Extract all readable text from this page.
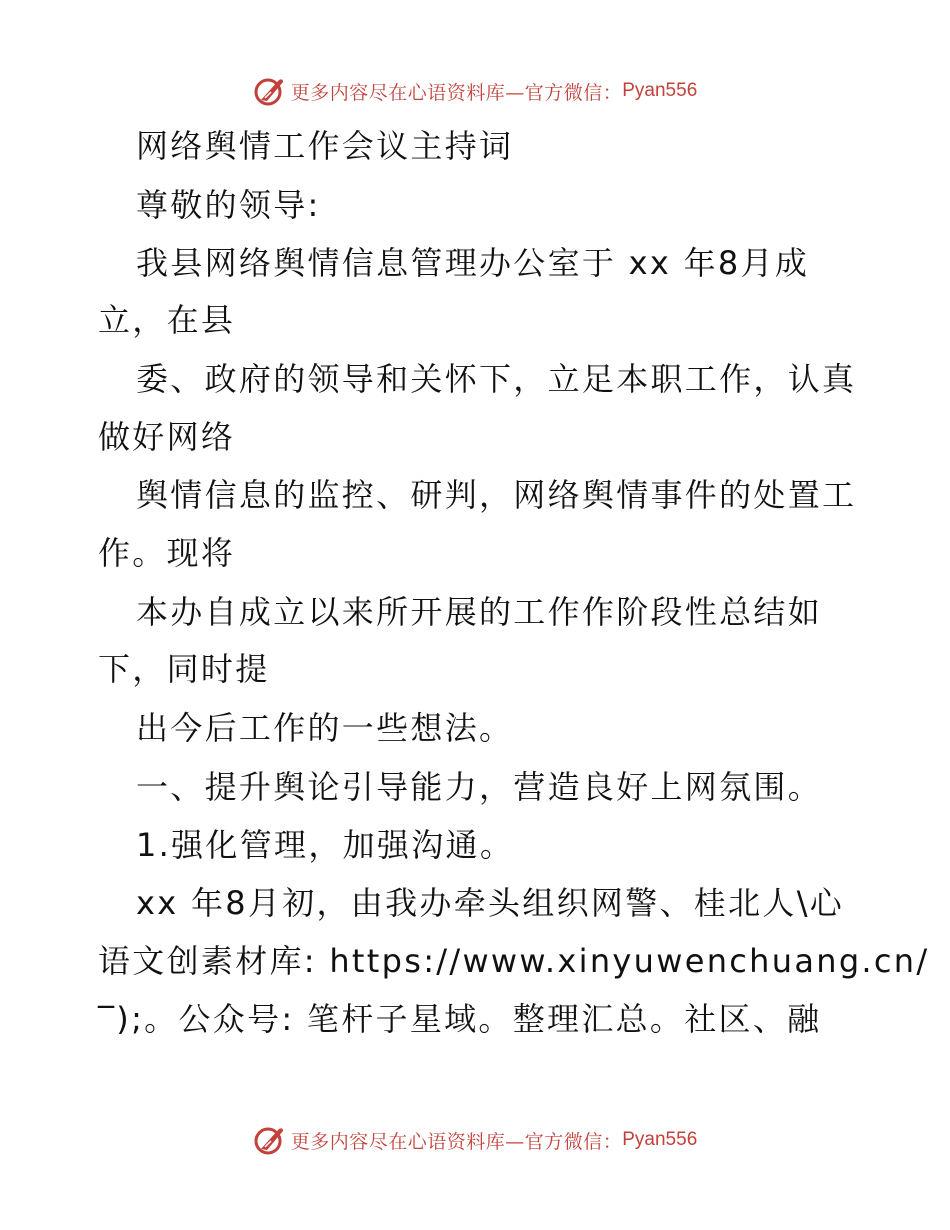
更多内容尽在心语资料库—官方微信： Pyan556
网络舆情工作会议主持词
尊敬的领导:
我县网络舆情信息管理办公室于 xx 年8月成
立，在县
委、政府的领导和关怀下，立足本职工作，认真
做好网络
舆情信息的监控、研判，网络舆情事件的处置工
作。现将
本办自成立以来所开展的工作作阶段性总结如
下，同时提
出今后工作的一些想法。
一、提升舆论引导能力，营造良好上网氛围。
1.强化管理，加强沟通。
xx 年8月初，由我办牵头组织网警、桂北人\心
语文创素材库: https://www.xinyuwenchuang.cn/
‾);。公众号: 笔杆子星域。整理汇总。社区、融
更多内容尽在心语资料库—官方微信： Pyan556
